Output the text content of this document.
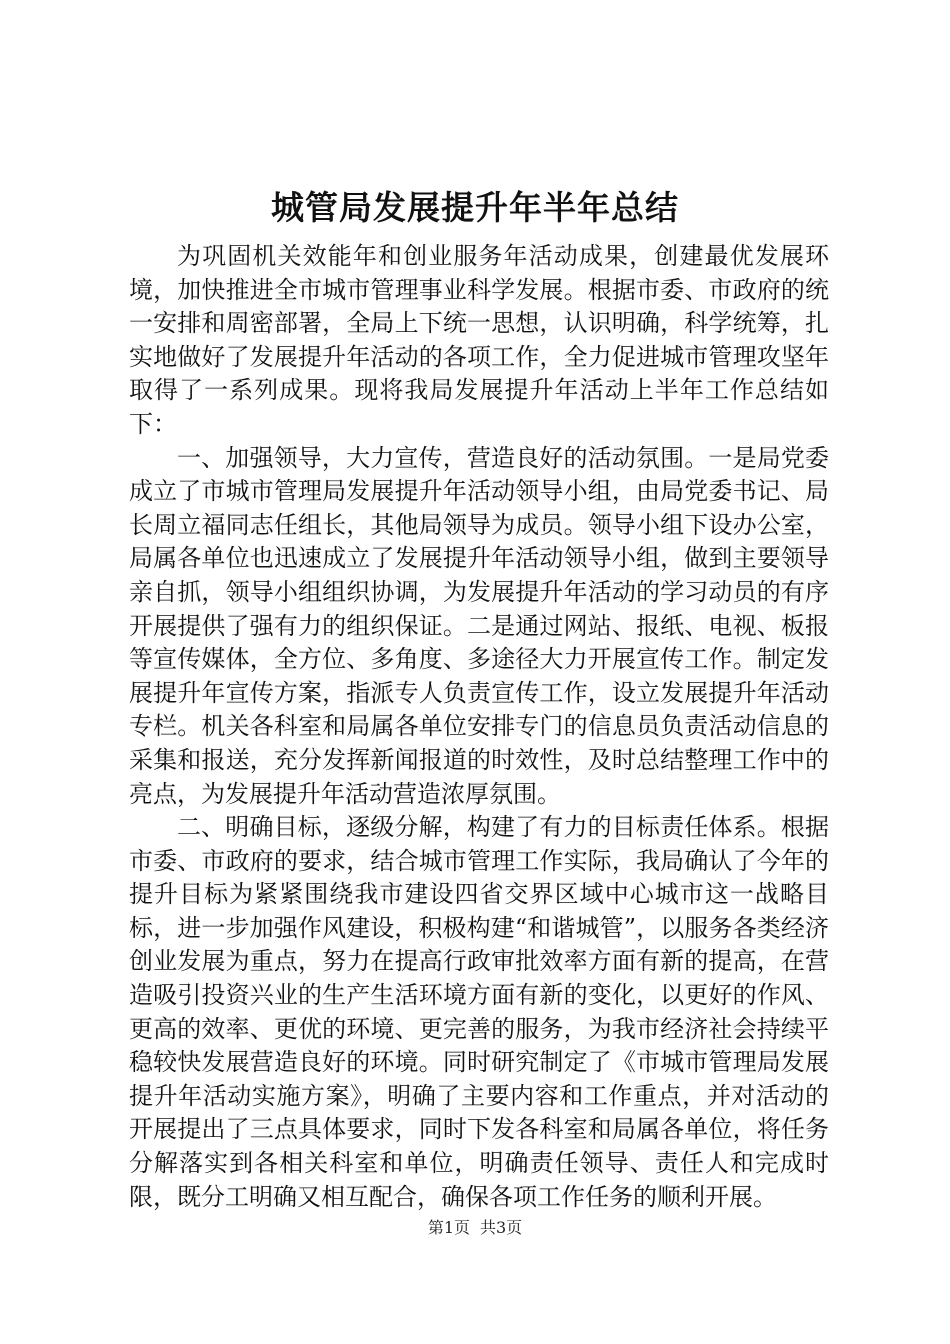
城管局发展提升年半年总结

为巩固机关效能年和创业服务年活动成果，创建最优发展环境，加快推进全市城市管理事业科学发展。根据市委、市政府的统一安排和周密部署，全局上下统一思想，认识明确，科学统筹，扎实地做好了发展提升年活动的各项工作，全力促进城市管理攻坚年取得了一系列成果。现将我局发展提升年活动上半年工作总结如下：

一、加强领导，大力宣传，营造良好的活动氛围。一是局党委成立了市城市管理局发展提升年活动领导小组，由局党委书记、局长周立福同志任组长，其他局领导为成员。领导小组下设办公室，局属各单位也迅速成立了发展提升年活动领导小组，做到主要领导亲自抓，领导小组组织协调，为发展提升年活动的学习动员的有序开展提供了强有力的组织保证。二是通过网站、报纸、电视、板报等宣传媒体，全方位、多角度、多途径大力开展宣传工作。制定发展提升年宣传方案，指派专人负责宣传工作，设立发展提升年活动专栏。机关各科室和局属各单位安排专门的信息员负责活动信息的采集和报送，充分发挥新闻报道的时效性，及时总结整理工作中的亮点，为发展提升年活动营造浓厚氛围。

二、明确目标，逐级分解，构建了有力的目标责任体系。根据市委、市政府的要求，结合城市管理工作实际，我局确认了今年的提升目标为紧紧围绕我市建设四省交界区域中心城市这一战略目标，进一步加强作风建设，积极构建“和谐城管”，以服务各类经济创业发展为重点，努力在提高行政审批效率方面有新的提高，在营造吸引投资兴业的生产生活环境方面有新的变化，以更好的作风、更高的效率、更优的环境、更完善的服务，为我市经济社会持续平稳较快发展营造良好的环境。同时研究制定了《市城市管理局发展提升年活动实施方案》，明确了主要内容和工作重点，并对活动的开展提出了三点具体要求，同时下发各科室和局属各单位，将任务分解落实到各相关科室和单位，明确责任领导、责任人和完成时限，既分工明确又相互配合，确保各项工作任务的顺利开展。

第1页 共3页
